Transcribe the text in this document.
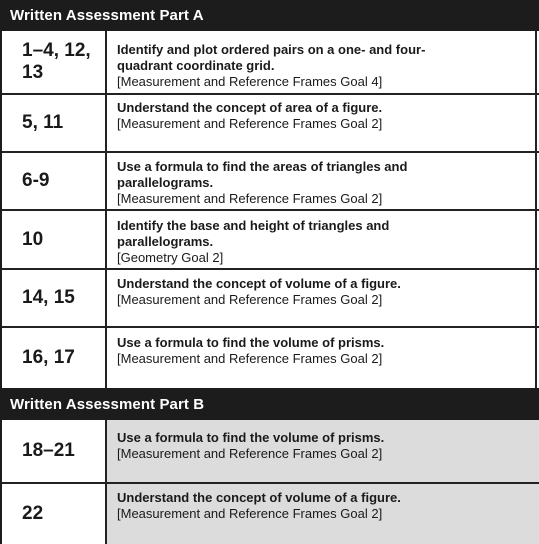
Written Assessment Part A
1–4, 12, 13
Identify and plot ordered pairs on a one- and four-quadrant coordinate grid.
[Measurement and Reference Frames Goal 4]
5, 11
Understand the concept of area of a figure.
[Measurement and Reference Frames Goal 2]
6-9
Use a formula to find the areas of triangles and parallelograms.
[Measurement and Reference Frames Goal 2]
10
Identify the base and height of triangles and parallelograms.
[Geometry Goal 2]
14, 15
Understand the concept of volume of a figure.
[Measurement and Reference Frames Goal 2]
16, 17
Use a formula to find the volume of prisms.
[Measurement and Reference Frames Goal 2]
Written Assessment Part B
18–21
Use a formula to find the volume of prisms.
[Measurement and Reference Frames Goal 2]
22
Understand the concept of volume of a figure.
[Measurement and Reference Frames Goal 2]
